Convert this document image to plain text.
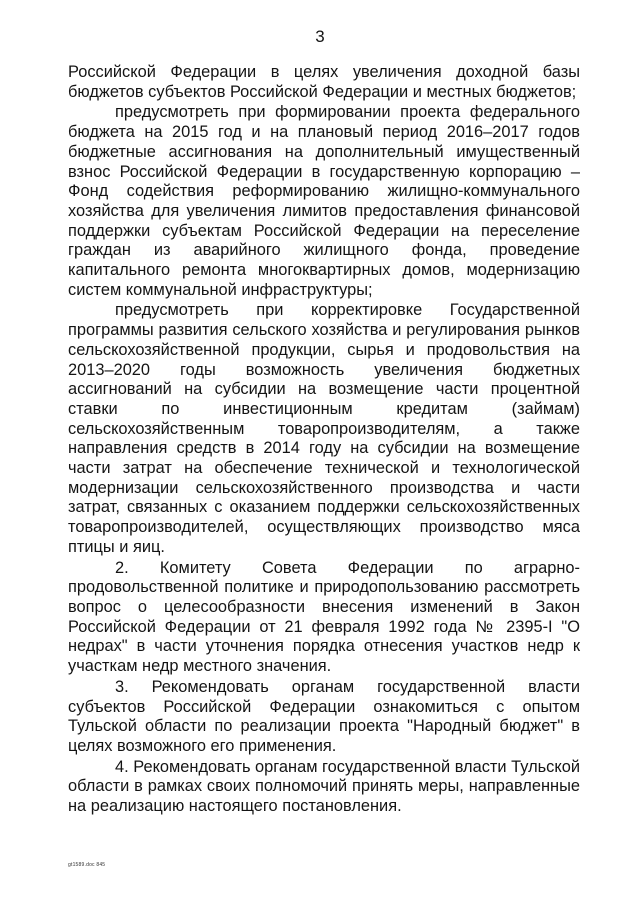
3

Российской Федерации в целях увеличения доходной базы бюджетов субъектов Российской Федерации и местных бюджетов;

предусмотреть при формировании проекта федерального бюджета на 2015 год и на плановый период 2016–2017 годов бюджетные ассигнования на дополнительный имущественный взнос Российской Федерации в государственную корпорацию – Фонд содействия реформированию жилищно-коммунального хозяйства для увеличения лимитов предоставления финансовой поддержки субъектам Российской Федерации на переселение граждан из аварийного жилищного фонда, проведение капитального ремонта многоквартирных домов, модернизацию систем коммунальной инфраструктуры;

предусмотреть при корректировке Государственной программы развития сельского хозяйства и регулирования рынков сельскохозяйственной продукции, сырья и продовольствия на 2013–2020 годы возможность увеличения бюджетных ассигнований на субсидии на возмещение части процентной ставки по инвестиционным кредитам (займам) сельскохозяйственным товаропроизводителям, а также направления средств в 2014 году на субсидии на возмещение части затрат на обеспечение технической и технологической модернизации сельскохозяйственного производства и части затрат, связанных с оказанием поддержки сельскохозяйственных товаропроизводителей, осуществляющих производство мяса птицы и яиц.

2. Комитету Совета Федерации по аграрно-продовольственной политике и природопользованию рассмотреть вопрос о целесообразности внесения изменений в Закон Российской Федерации от 21 февраля 1992 года № 2395-I "О недрах" в части уточнения порядка отнесения участков недр к участкам недр местного значения.

3. Рекомендовать органам государственной власти субъектов Российской Федерации ознакомиться с опытом Тульской области по реализации проекта "Народный бюджет" в целях возможного его применения.

4. Рекомендовать органам государственной власти Тульской области в рамках своих полномочий принять меры, направленные на реализацию настоящего постановления.

gt1589.doc 845
